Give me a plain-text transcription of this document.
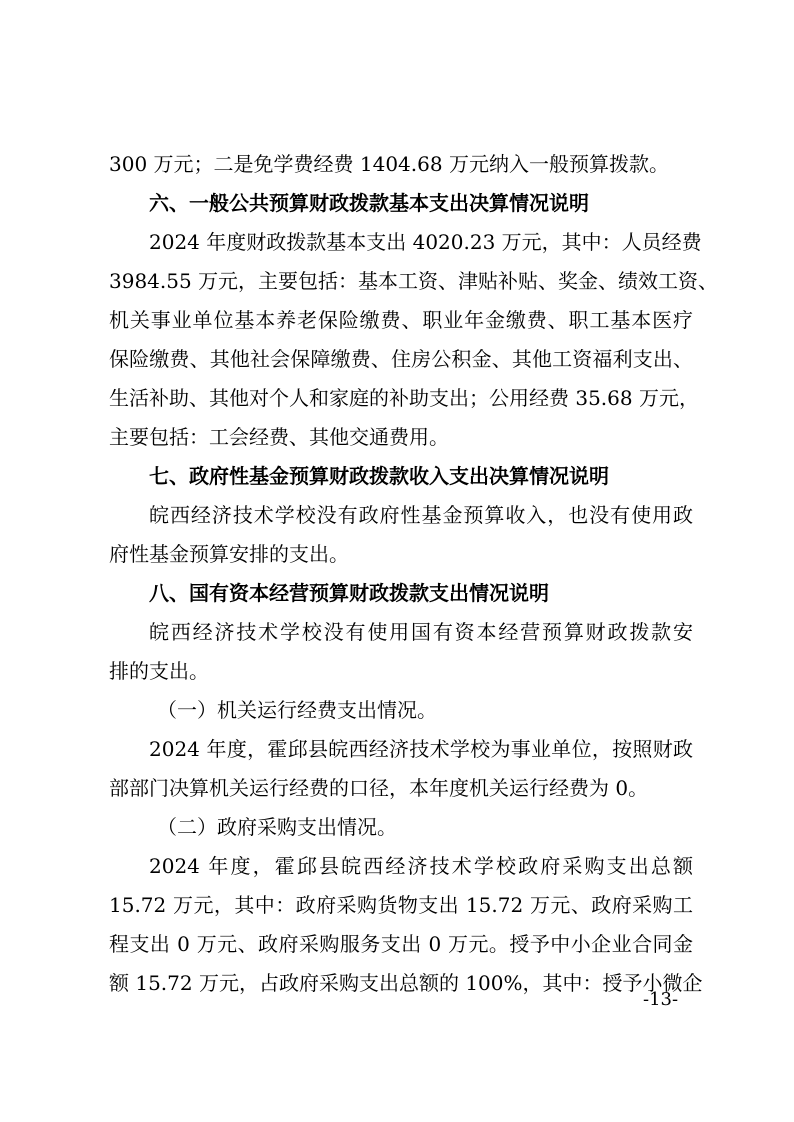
300 万元；二是免学费经费 1404.68 万元纳入一般预算拨款。
六、一般公共预算财政拨款基本支出决算情况说明
2024 年度财政拨款基本支出 4020.23 万元，其中：人员经费
3984.55 万元，主要包括：基本工资、津贴补贴、奖金、绩效工资、
机关事业单位基本养老保险缴费、职业年金缴费、职工基本医疗
保险缴费、其他社会保障缴费、住房公积金、其他工资福利支出、
生活补助、其他对个人和家庭的补助支出；公用经费 35.68 万元，
主要包括：工会经费、其他交通费用。
七、政府性基金预算财政拨款收入支出决算情况说明
皖西经济技术学校没有政府性基金预算收入，也没有使用政
府性基金预算安排的支出。
八、国有资本经营预算财政拨款支出情况说明
皖西经济技术学校没有使用国有资本经营预算财政拨款安
排的支出。
（一）机关运行经费支出情况。
2024 年度，霍邱县皖西经济技术学校为事业单位，按照财政
部部门决算机关运行经费的口径，本年度机关运行经费为 0。
（二）政府采购支出情况。
2024 年度，霍邱县皖西经济技术学校政府采购支出总额
15.72 万元，其中：政府采购货物支出 15.72 万元、政府采购工
程支出 0 万元、政府采购服务支出 0 万元。授予中小企业合同金
额 15.72 万元，占政府采购支出总额的 100%，其中：授予小微企
-13-
